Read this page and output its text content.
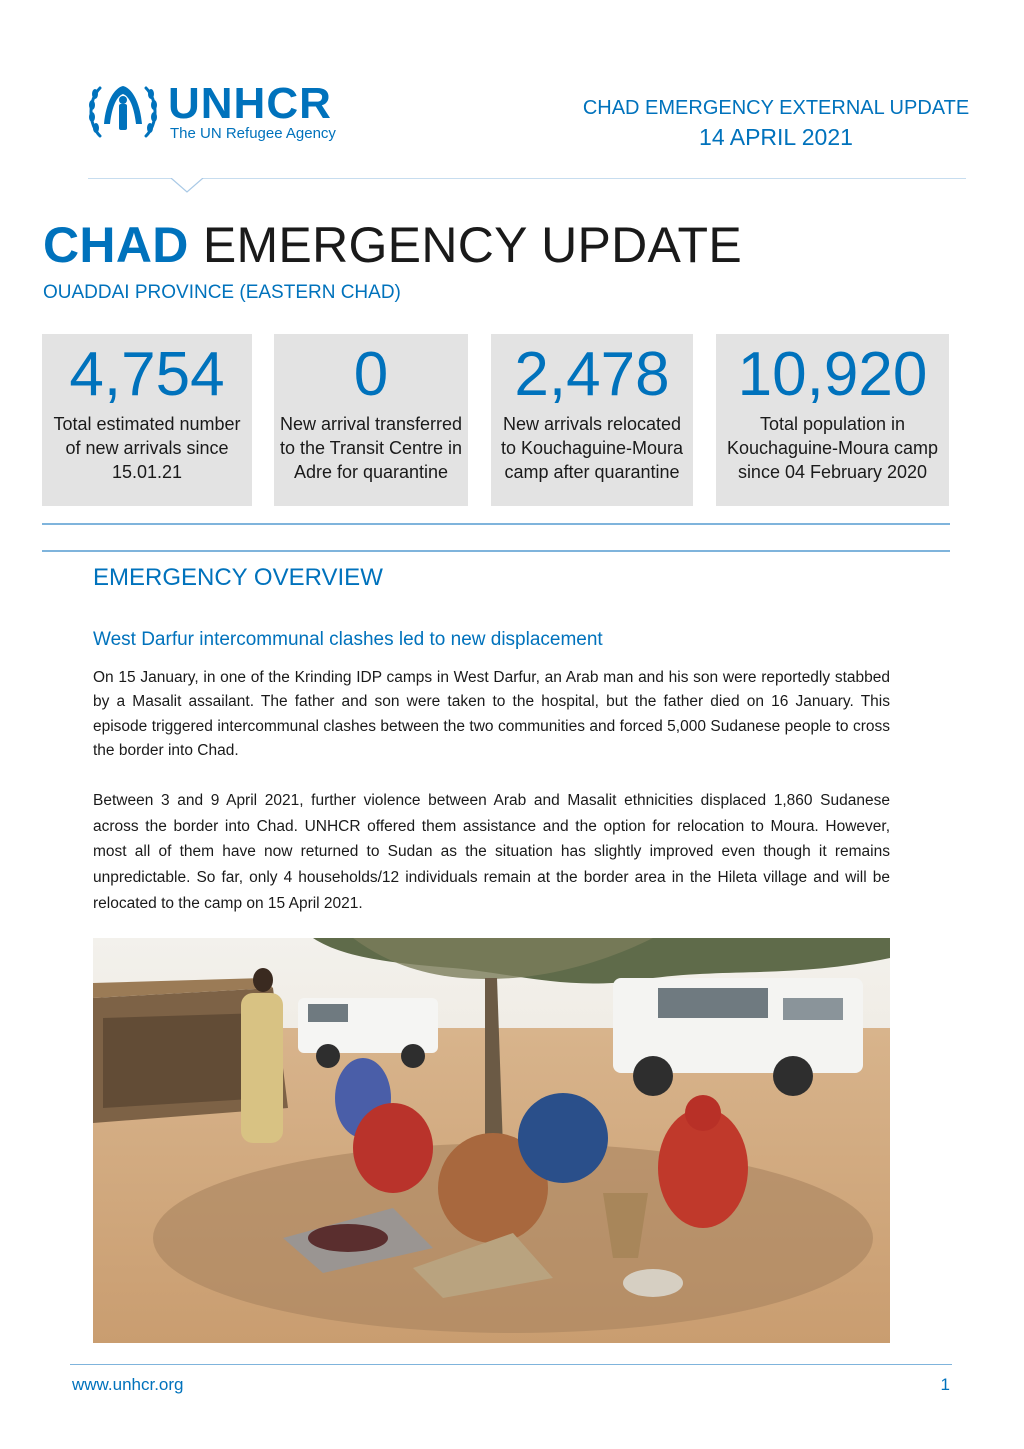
UNHCR
The UN Refugee Agency
CHAD EMERGENCY EXTERNAL UPDATE
14 APRIL 2021
CHAD EMERGENCY UPDATE
OUADDAI PROVINCE (EASTERN CHAD)
4,754
Total estimated number of new arrivals since 15.01.21
0
New arrival transferred to the Transit Centre in Adre for quarantine
2,478
New arrivals relocated to Kouchaguine-Moura camp after quarantine
10,920
Total population in Kouchaguine-Moura camp since 04 February 2020
EMERGENCY OVERVIEW
West Darfur intercommunal clashes led to new displacement

On 15 January, in one of the Krinding IDP camps in West Darfur, an Arab man and his son were reportedly stabbed by a Masalit assailant. The father and son were taken to the hospital, but the father died on 16 January. This episode triggered intercommunal clashes between the two communities and forced 5,000 Sudanese people to cross the border into Chad.

Between 3 and 9 April 2021, further violence between Arab and Masalit ethnicities displaced 1,860 Sudanese across the border into Chad. UNHCR offered them assistance and the option for relocation to Moura. However, most all of them have now returned to Sudan as the situation has slightly improved even though it remains unpredictable. So far, only 4 households/12 individuals remain at the border area in the Hileta village and will be relocated to the camp on 15 April 2021.

www.unhcr.org	1
